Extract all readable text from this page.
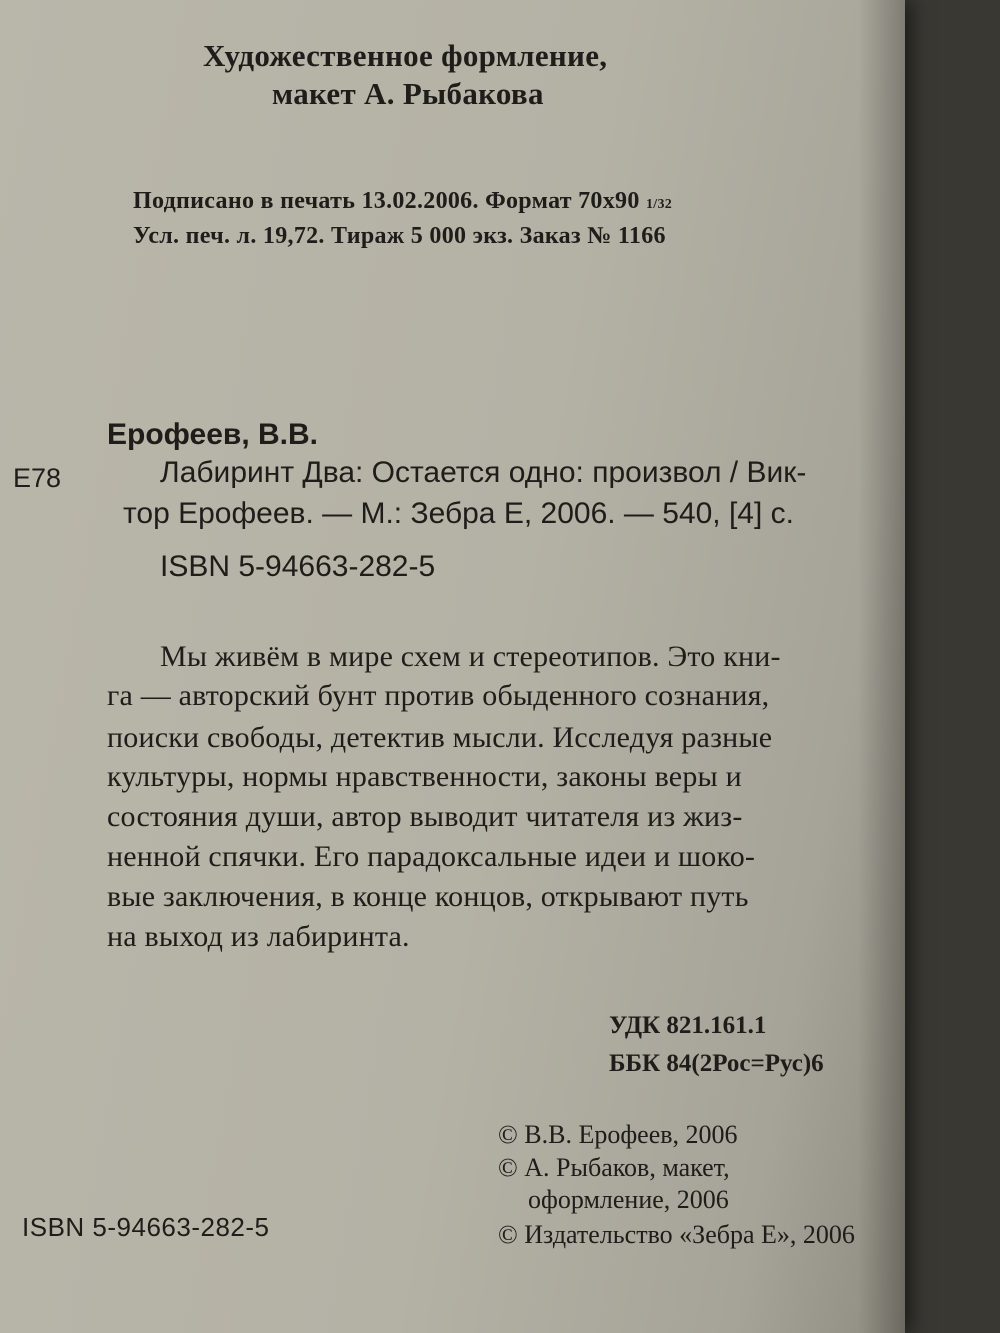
Художественное формление,

макет А. Рыбакова

Подписано в печать 13.02.2006. Формат 70х90 1/32

Усл. печ. л. 19,72. Тираж 5 000 экз. Заказ № 1166

Ерофеев, В.В.

Е78	Лабиринт Два: Остается одно: произвол / Вик-

тор Ерофеев. — М.: Зебра Е, 2006. — 540, [4] с.

ISBN 5-94663-282-5

Мы живём в мире схем и стереотипов. Это кни-

га — авторский бунт против обыденного сознания,

поиски свободы, детектив мысли. Исследуя разные

культуры, нормы нравственности, законы веры и

состояния души, автор выводит читателя из жиз-

ненной спячки. Его парадоксальные идеи и шоко-

вые заключения, в конце концов, открывают путь

на выход из лабиринта.

УДК 821.161.1

ББК 84(2Рос=Рус)6

© В.В. Ерофеев, 2006

© А. Рыбаков, макет,

оформление, 2006

© Издательство «Зебра Е», 2006

ISBN 5-94663-282-5
